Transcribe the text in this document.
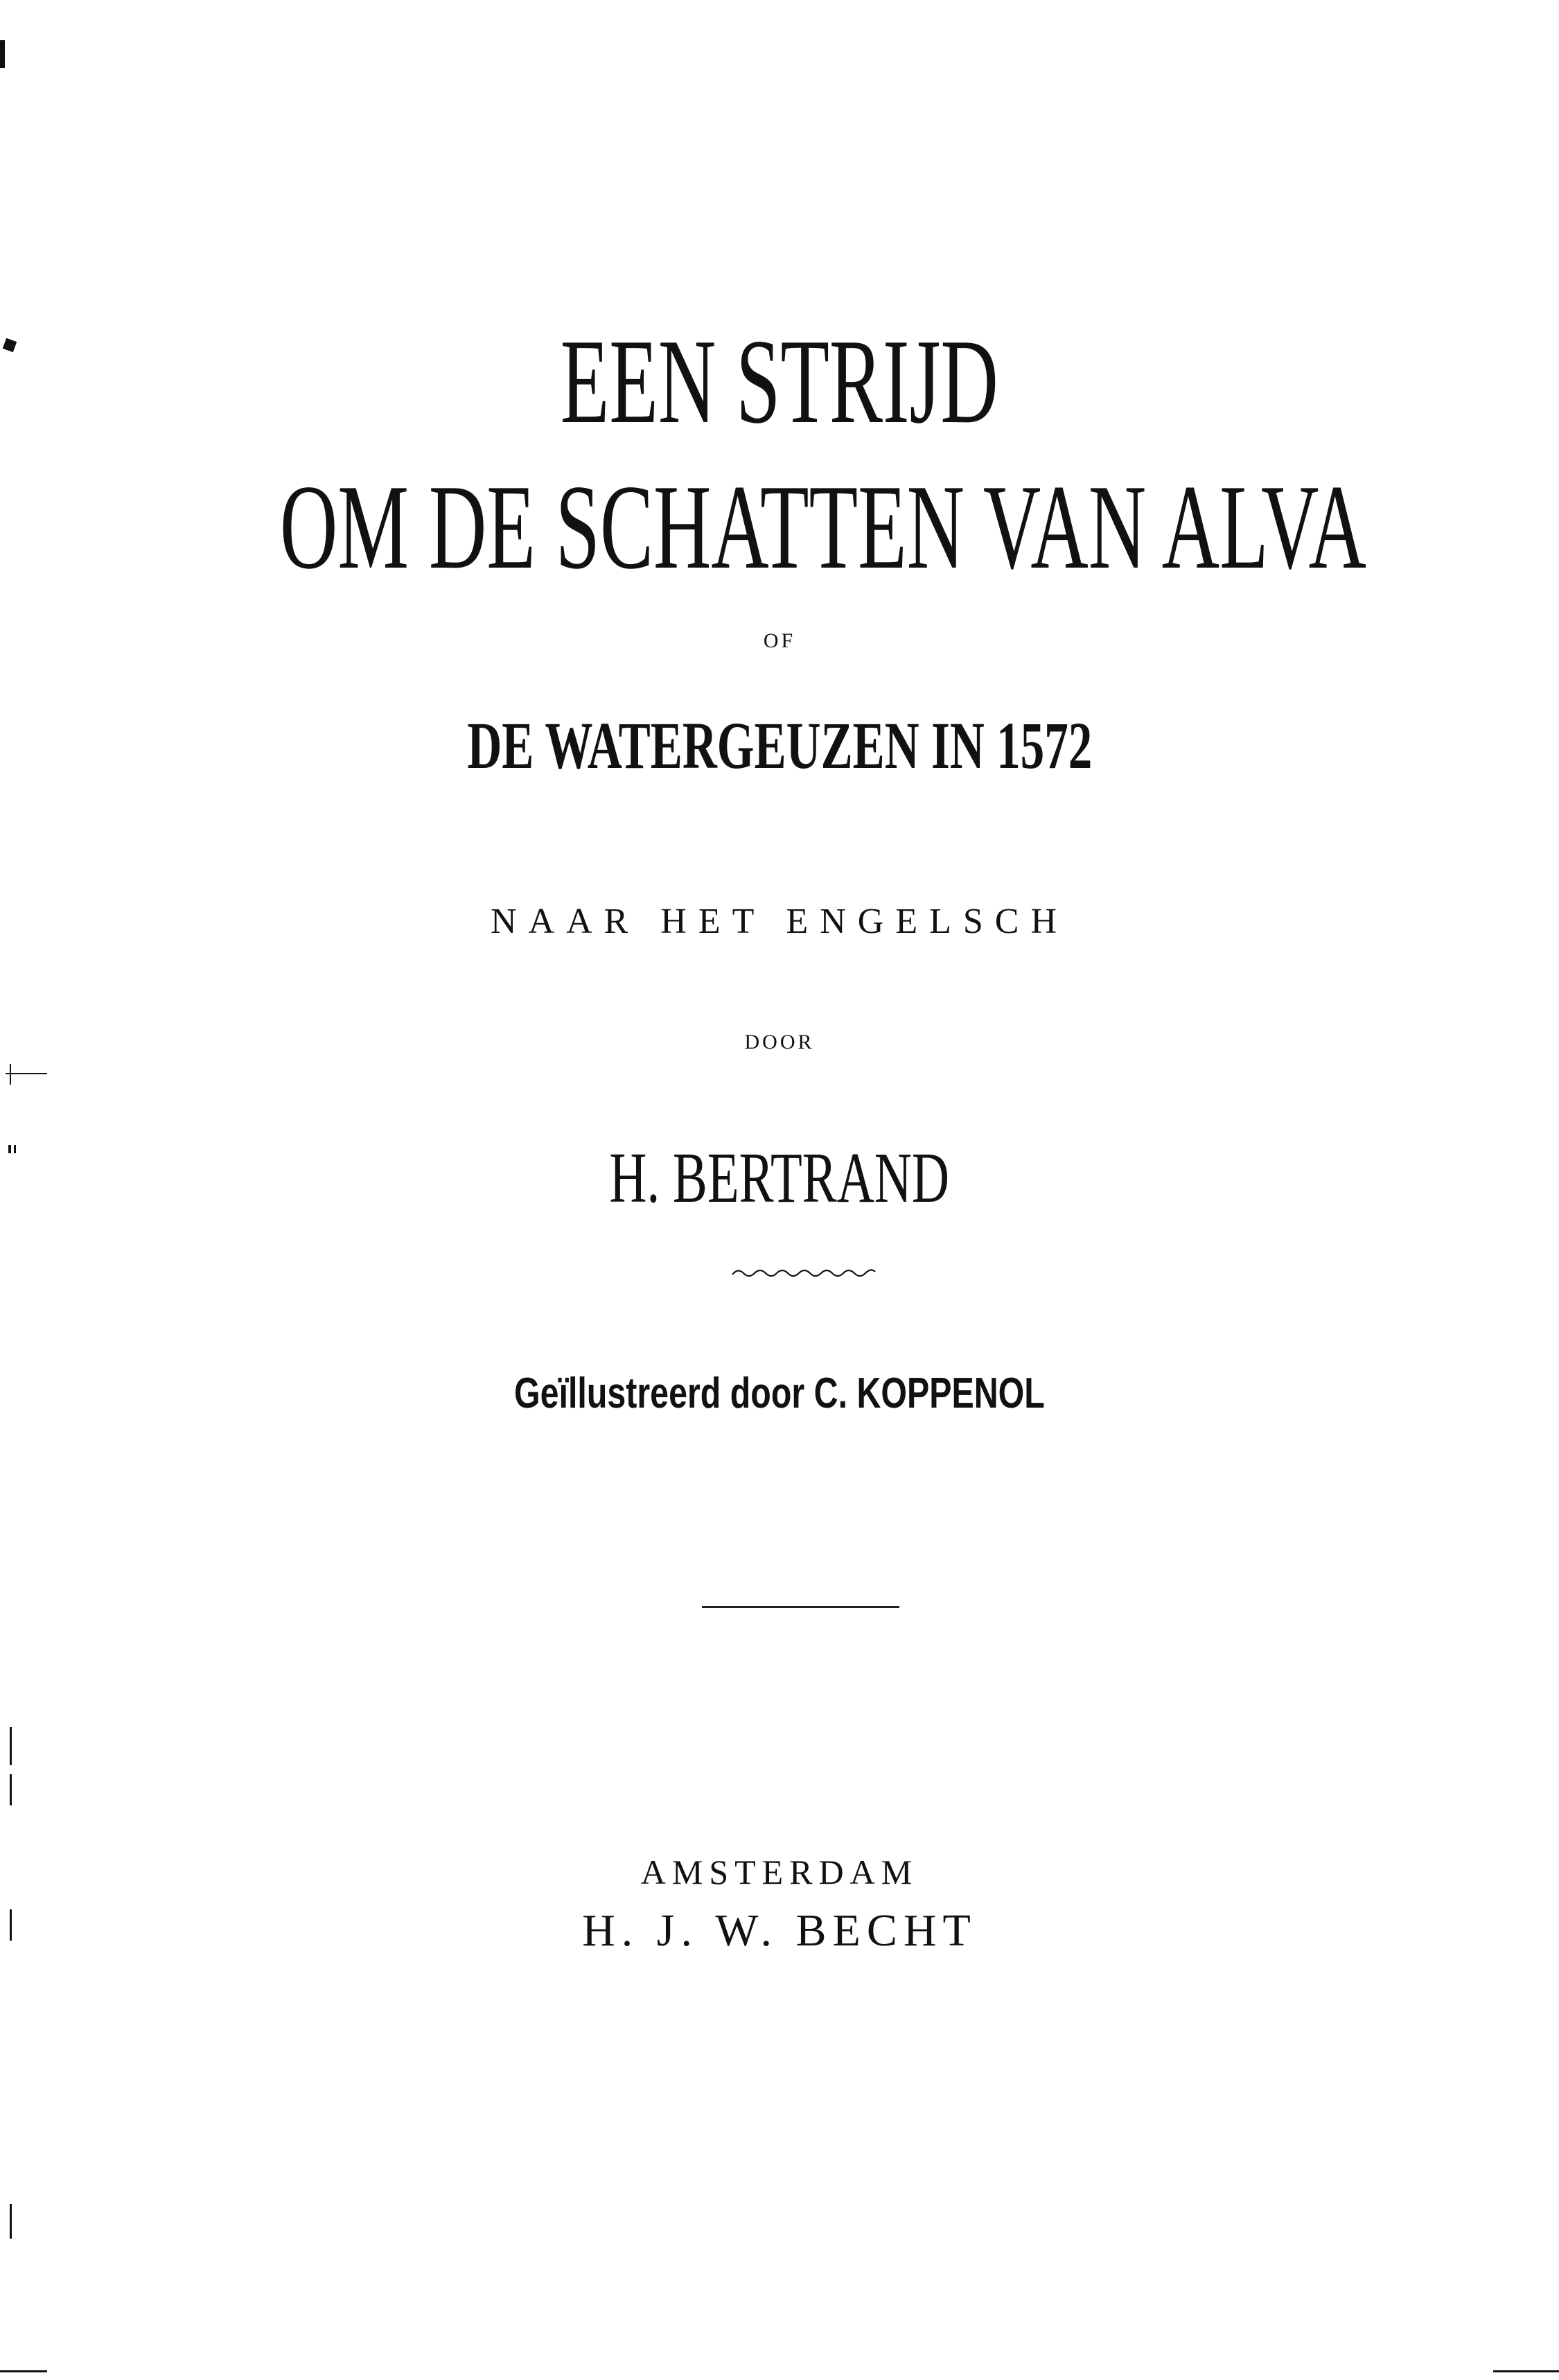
EEN STRIJD
OM DE SCHATTEN VAN ALVA
OF
DE WATERGEUZEN IN 1572
NAAR HET ENGELSCH
DOOR
H. BERTRAND
Geïllustreerd door C. KOPPENOL
AMSTERDAM
H. J. W. BECHT
